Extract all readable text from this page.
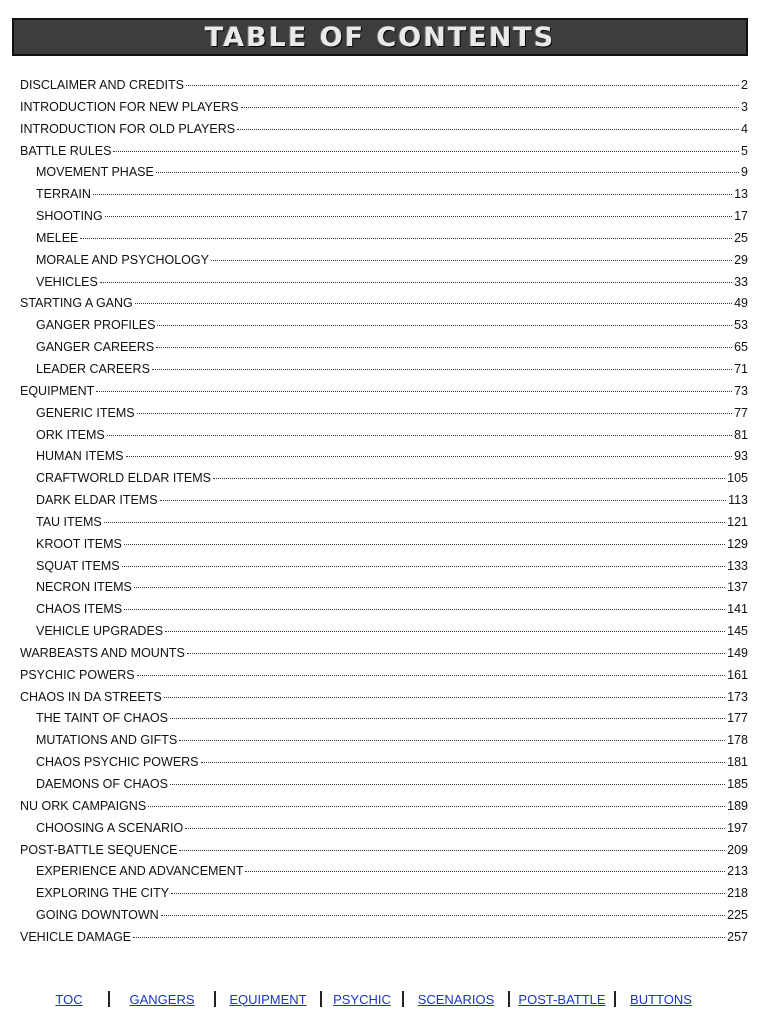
TABLE OF CONTENTS
DISCLAIMER AND CREDITS	2
INTRODUCTION FOR NEW PLAYERS	3
INTRODUCTION FOR OLD PLAYERS	4
BATTLE RULES	5
MOVEMENT PHASE	9
TERRAIN	13
SHOOTING	17
MELEE	25
MORALE AND PSYCHOLOGY	29
VEHICLES	33
STARTING A GANG	49
GANGER PROFILES	53
GANGER CAREERS	65
LEADER CAREERS	71
EQUIPMENT	73
GENERIC ITEMS	77
ORK ITEMS	81
HUMAN ITEMS	93
CRAFTWORLD ELDAR ITEMS	105
DARK ELDAR ITEMS	113
TAU ITEMS	121
KROOT ITEMS	129
SQUAT ITEMS	133
NECRON ITEMS	137
CHAOS ITEMS	141
VEHICLE UPGRADES	145
WARBEASTS AND MOUNTS	149
PSYCHIC POWERS	161
CHAOS IN DA STREETS	173
THE TAINT OF CHAOS	177
MUTATIONS AND GIFTS	178
CHAOS PSYCHIC POWERS	181
DAEMONS OF CHAOS	185
NU ORK CAMPAIGNS	189
CHOOSING A SCENARIO	197
POST-BATTLE SEQUENCE	209
EXPERIENCE AND ADVANCEMENT	213
EXPLORING THE CITY	218
GOING DOWNTOWN	225
VEHICLE DAMAGE	257
TOC	GANGERS	EQUIPMENT	PSYCHIC	SCENARIOS	POST-BATTLE	BUTTONS
